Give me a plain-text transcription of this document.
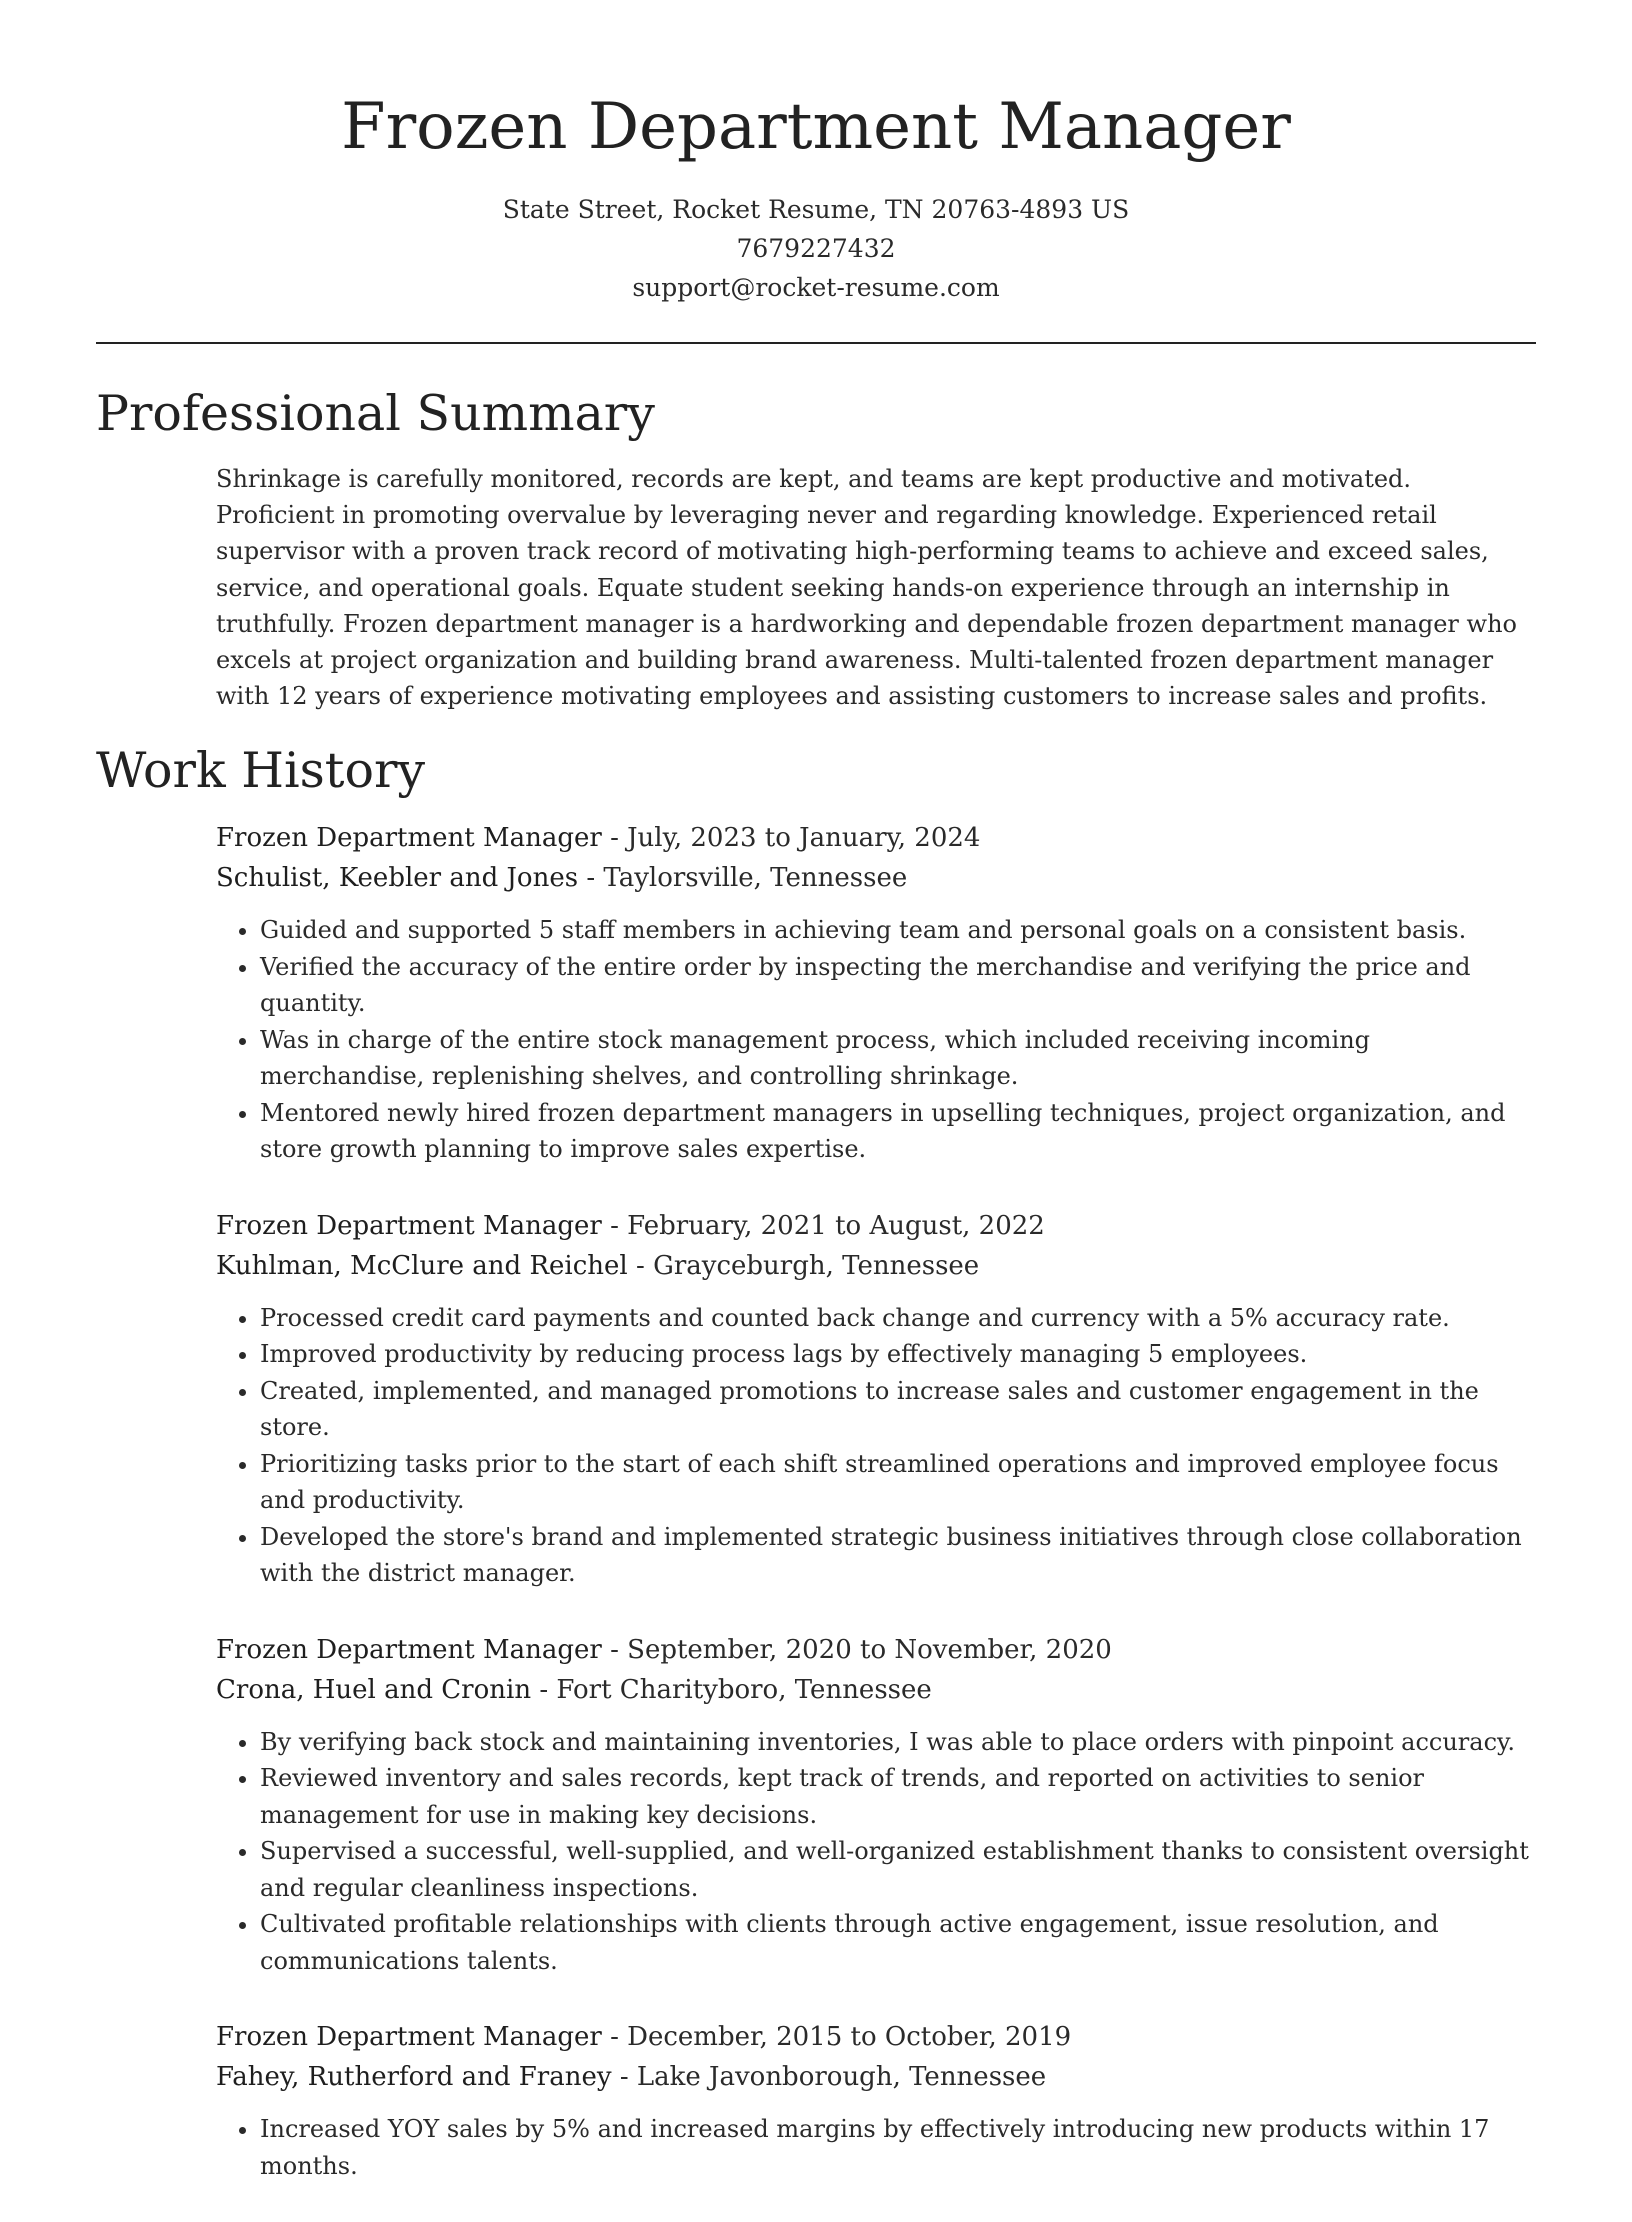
Frozen Department Manager
State Street, Rocket Resume, TN 20763-4893 US
7679227432
support@rocket-resume.com
Professional Summary

Shrinkage is carefully monitored, records are kept, and teams are kept productive and motivated. Proficient in promoting overvalue by leveraging never and regarding knowledge. Experienced retail supervisor with a proven track record of motivating high-performing teams to achieve and exceed sales, service, and operational goals. Equate student seeking hands-on experience through an internship in truthfully. Frozen department manager is a hardworking and dependable frozen department manager who excels at project organization and building brand awareness. Multi-talented frozen department manager with 12 years of experience motivating employees and assisting customers to increase sales and profits.

Work History
Frozen Department Manager - July, 2023 to January, 2024
Schulist, Keebler and Jones - Taylorsville, Tennessee
• Guided and supported 5 staff members in achieving team and personal goals on a consistent basis.
• Verified the accuracy of the entire order by inspecting the merchandise and verifying the price and quantity.
• Was in charge of the entire stock management process, which included receiving incoming merchandise, replenishing shelves, and controlling shrinkage.
• Mentored newly hired frozen department managers in upselling techniques, project organization, and store growth planning to improve sales expertise.
Frozen Department Manager - February, 2021 to August, 2022
Kuhlman, McClure and Reichel - Grayceburgh, Tennessee
• Processed credit card payments and counted back change and currency with a 5% accuracy rate.
• Improved productivity by reducing process lags by effectively managing 5 employees.
• Created, implemented, and managed promotions to increase sales and customer engagement in the store.
• Prioritizing tasks prior to the start of each shift streamlined operations and improved employee focus and productivity.
• Developed the store's brand and implemented strategic business initiatives through close collaboration with the district manager.
Frozen Department Manager - September, 2020 to November, 2020
Crona, Huel and Cronin - Fort Charityboro, Tennessee
• By verifying back stock and maintaining inventories, I was able to place orders with pinpoint accuracy.
• Reviewed inventory and sales records, kept track of trends, and reported on activities to senior management for use in making key decisions.
• Supervised a successful, well-supplied, and well-organized establishment thanks to consistent oversight and regular cleanliness inspections.
• Cultivated profitable relationships with clients through active engagement, issue resolution, and communications talents.
Frozen Department Manager - December, 2015 to October, 2019
Fahey, Rutherford and Franey - Lake Javonborough, Tennessee
• Increased YOY sales by 5% and increased margins by effectively introducing new products within 17 months.
